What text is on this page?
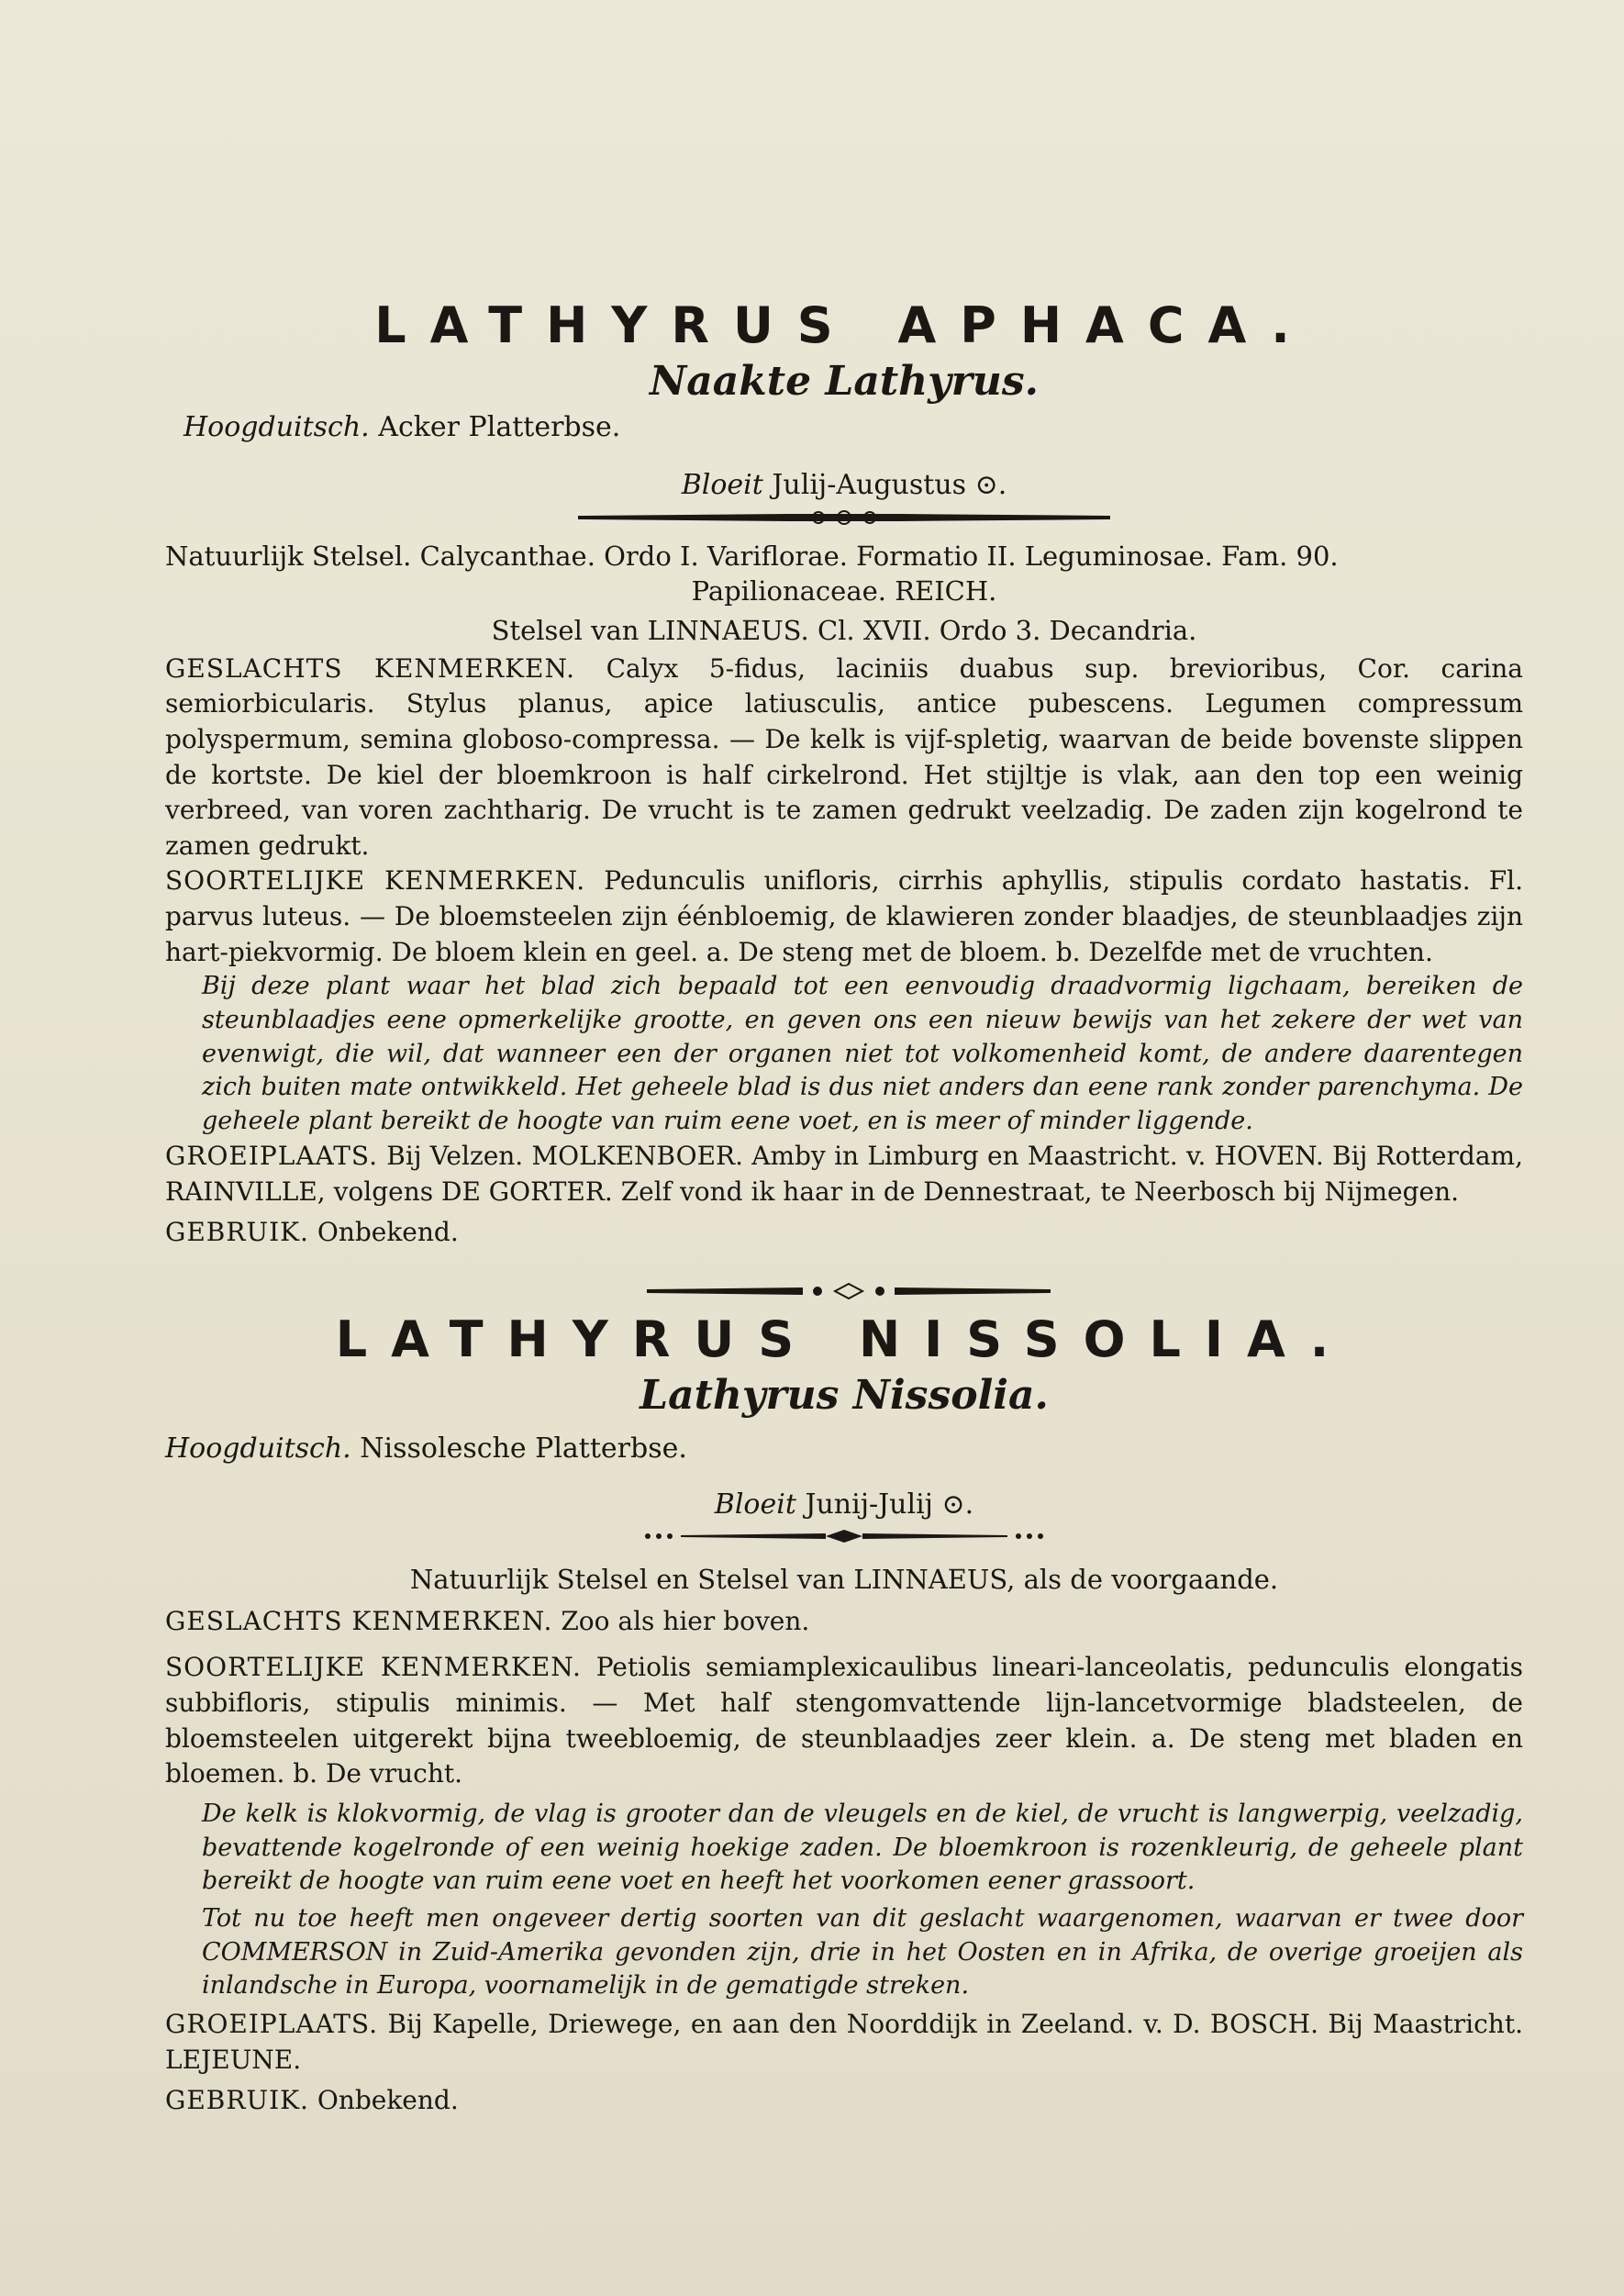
LATHYRUS APHACA.

Naakte Lathyrus.

Hoogduitsch. Acker Platterbse.

Bloeit Julij-Augustus ⊙.

Natuurlijk Stelsel. Calycanthae. Ordo I. Variflorae. Formatio II. Leguminosae. Fam. 90.

Papilionaceae. REICH.

Stelsel van LINNAEUS. Cl. XVII. Ordo 3. Decandria.

GESLACHTS KENMERKEN. Calyx 5-fidus, laciniis duabus sup. brevioribus, Cor. carina semiorbicularis. Stylus planus, apice latiusculis, antice pubescens. Legumen compressum polyspermum, semina globoso-compressa. — De kelk is vijf-spletig, waarvan de beide bovenste slippen de kortste. De kiel der bloemkroon is half cirkelrond. Het stijltje is vlak, aan den top een weinig verbreed, van voren zachtharig. De vrucht is te zamen gedrukt veelzadig. De zaden zijn kogelrond te zamen gedrukt.

SOORTELIJKE KENMERKEN. Pedunculis unifloris, cirrhis aphyllis, stipulis cordato hastatis. Fl. parvus luteus. — De bloemsteelen zijn éénbloemig, de klawieren zonder blaadjes, de steunblaadjes zijn hart-piekvormig. De bloem klein en geel. a. De steng met de bloem. b. Dezelfde met de vruchten.

Bij deze plant waar het blad zich bepaald tot een eenvoudig draadvormig ligchaam, bereiken de steunblaadjes eene opmerkelijke grootte, en geven ons een nieuw bewijs van het zekere der wet van evenwigt, die wil, dat wanneer een der organen niet tot volkomenheid komt, de andere daarentegen zich buiten mate ontwikkeld. Het geheele blad is dus niet anders dan eene rank zonder parenchyma. De geheele plant bereikt de hoogte van ruim eene voet, en is meer of minder liggende.

GROEIPLAATS. Bij Velzen. MOLKENBOER. Amby in Limburg en Maastricht. v. HOVEN. Bij Rotterdam, RAINVILLE, volgens DE GORTER. Zelf vond ik haar in de Dennestraat, te Neerbosch bij Nijmegen.

GEBRUIK. Onbekend.

LATHYRUS NISSOLIA.

Lathyrus Nissolia.

Hoogduitsch. Nissolesche Platterbse.

Bloeit Junij-Julij ⊙.

Natuurlijk Stelsel en Stelsel van LINNAEUS, als de voorgaande.

GESLACHTS KENMERKEN. Zoo als hier boven.

SOORTELIJKE KENMERKEN. Petiolis semiamplexicaulibus lineari-lanceolatis, pedunculis elongatis subbifloris, stipulis minimis. — Met half stengomvattende lijn-lancetvormige bladsteelen, de bloemsteelen uitgerekt bijna tweebloemig, de steunblaadjes zeer klein. a. De steng met bladen en bloemen. b. De vrucht.

De kelk is klokvormig, de vlag is grooter dan de vleugels en de kiel, de vrucht is langwerpig, veelzadig, bevattende kogelronde of een weinig hoekige zaden. De bloemkroon is rozenkleurig, de geheele plant bereikt de hoogte van ruim eene voet en heeft het voorkomen eener grassoort.

Tot nu toe heeft men ongeveer dertig soorten van dit geslacht waargenomen, waarvan er twee door COMMERSON in Zuid-Amerika gevonden zijn, drie in het Oosten en in Afrika, de overige groeijen als inlandsche in Europa, voornamelijk in de gematigde streken.

GROEIPLAATS. Bij Kapelle, Driewege, en aan den Noorddijk in Zeeland. v. D. BOSCH. Bij Maastricht. LEJEUNE.

GEBRUIK. Onbekend.
